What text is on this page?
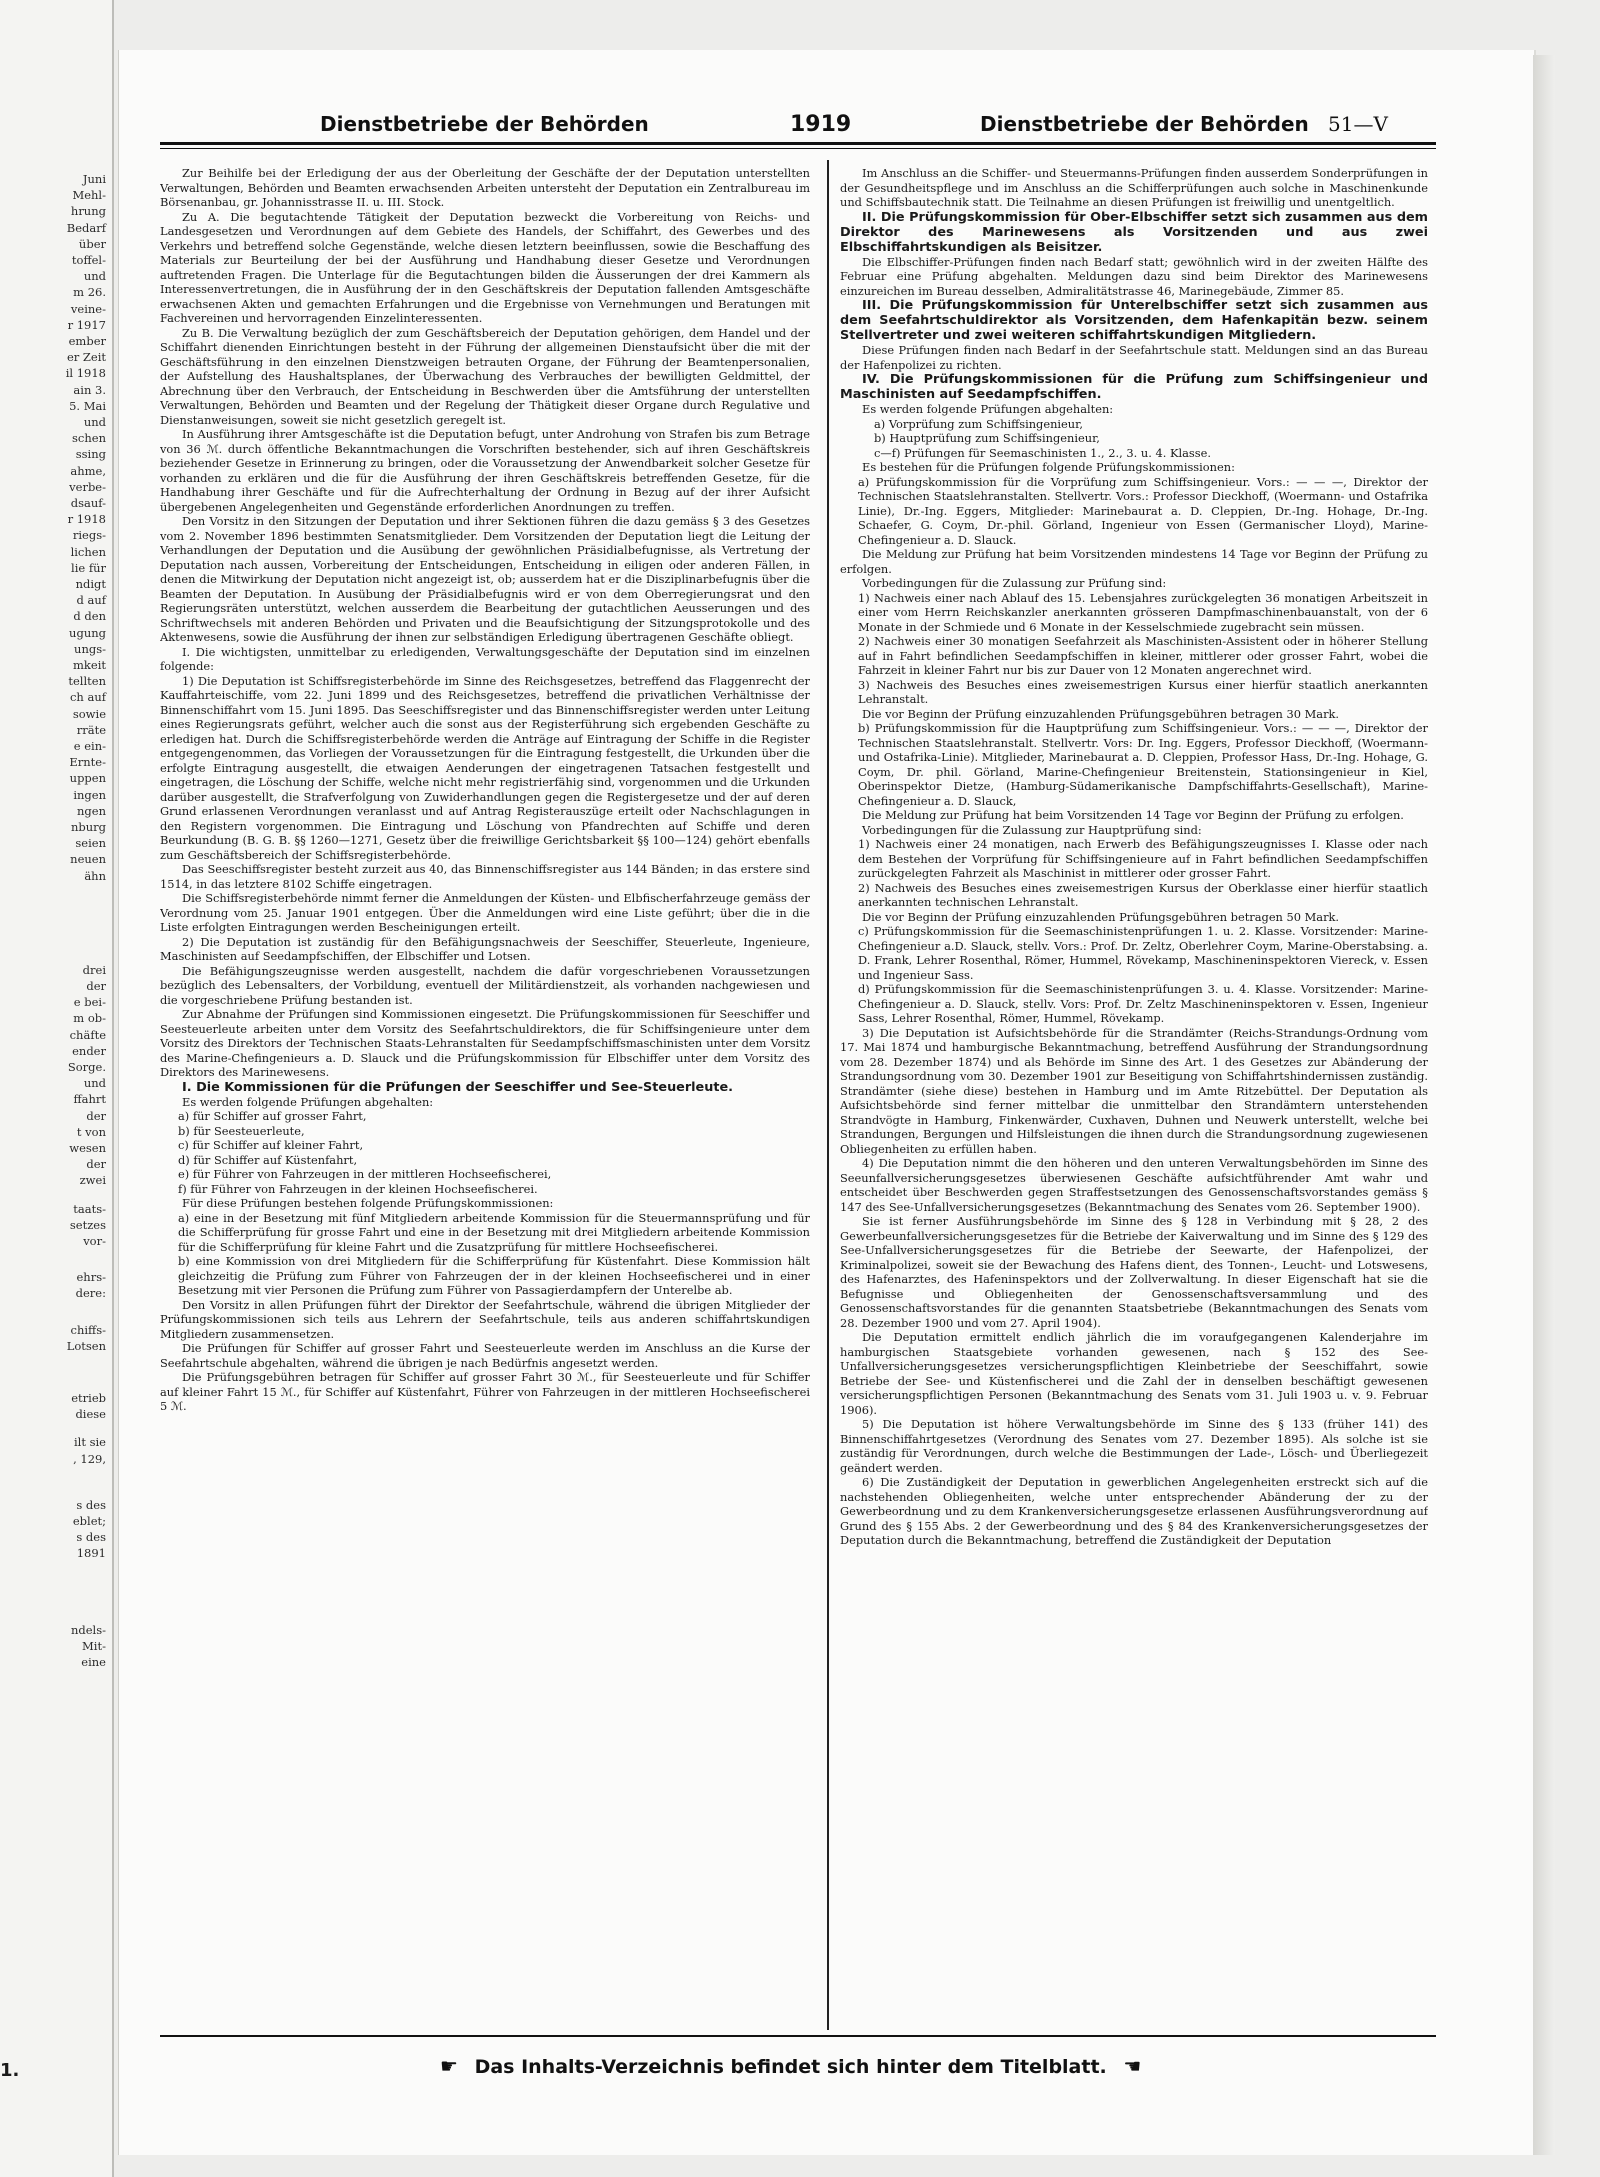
Juni
Mehl-
hrung
Bedarf
über
toffel-
und
m 26.
veine-
r 1917
ember
er Zeit
il 1918
ain 3.
5. Mai
und
schen
ssing
ahme,
verbe-
dsauf-
r 1918
riegs-
lichen
lie für
ndigt
d auf
d den
ugung
ungs-
mkeit
tellten
ch auf
sowie
rräte
e ein-
Ernte-
uppen
ingen
ngen
nburg
seien
neuen
ähn
drei
der
e bei-
m ob-
chäfte
ender
Sorge.
und
ffahrt
der
t von
wesen
der
zwei
taats-
setzes
vor-
ehrs-
dere:
chiffs-
Lotsen
etrieb
diese
ilt sie
, 129,
s des
eblet;
s des
1891
ndels-
Mit-
eine
Dienstbetriebe der Behörden	1919	Dienstbetriebe der Behörden 51—V

Zur Beihilfe bei der Erledigung der aus der Oberleitung der Geschäfte der der Deputation unterstellten Verwaltungen, Behörden und Beamten erwachsenden Arbeiten untersteht der Deputation ein Zentralbureau im Börsenanbau, gr. Johannisstrasse II. u. III. Stock.

Zu A. Die begutachtende Tätigkeit der Deputation bezweckt die Vorbereitung von Reichs- und Landesgesetzen und Verordnungen auf dem Gebiete des Handels, der Schiffahrt, des Gewerbes und des Verkehrs und betreffend solche Gegenstände, welche diesen letztern beeinflussen, sowie die Beschaffung des Materials zur Beurteilung der bei der Ausführung und Handhabung dieser Gesetze und Verordnungen auftretenden Fragen. Die Unterlage für die Begutachtungen bilden die Äusserungen der drei Kammern als Interessenvertretungen, die in Ausführung der in den Geschäftskreis der Deputation fallenden Amtsgeschäfte erwachsenen Akten und gemachten Erfahrungen und die Ergebnisse von Vernehmungen und Beratungen mit Fachvereinen und hervorragenden Einzelinteressenten.

Zu B. Die Verwaltung bezüglich der zum Geschäftsbereich der Deputation gehörigen, dem Handel und der Schiffahrt dienenden Einrichtungen besteht in der Führung der allgemeinen Dienstaufsicht über die mit der Geschäftsführung in den einzelnen Dienstzweigen betrauten Organe, der Führung der Beamtenpersonalien, der Aufstellung des Haushaltsplanes, der Überwachung des Verbrauches der bewilligten Geldmittel, der Abrechnung über den Verbrauch, der Entscheidung in Beschwerden über die Amtsführung der unterstellten Verwaltungen, Behörden und Beamten und der Regelung der Thätigkeit dieser Organe durch Regulative und Dienstanweisungen, soweit sie nicht gesetzlich geregelt ist.

In Ausführung ihrer Amtsgeschäfte ist die Deputation befugt, unter Androhung von Strafen bis zum Betrage von 36 ℳ. durch öffentliche Bekanntmachungen die Vorschriften bestehender, sich auf ihren Geschäftskreis beziehender Gesetze in Erinnerung zu bringen, oder die Voraussetzung der Anwendbarkeit solcher Gesetze für vorhanden zu erklären und die für die Ausführung der ihren Geschäftskreis betreffenden Gesetze, für die Handhabung ihrer Geschäfte und für die Aufrechterhaltung der Ordnung in Bezug auf der ihrer Aufsicht übergebenen Angelegenheiten und Gegenstände erforderlichen Anordnungen zu treffen.

Den Vorsitz in den Sitzungen der Deputation und ihrer Sektionen führen die dazu gemäss § 3 des Gesetzes vom 2. November 1896 bestimmten Senatsmitglieder. Dem Vorsitzenden der Deputation liegt die Leitung der Verhandlungen der Deputation und die Ausübung der gewöhnlichen Präsidialbefugnisse, als Vertretung der Deputation nach aussen, Vorbereitung der Entscheidungen, Entscheidung in eiligen oder anderen Fällen, in denen die Mitwirkung der Deputation nicht angezeigt ist, ob; ausserdem hat er die Disziplinarbefugnis über die Beamten der Deputation. In Ausübung der Präsidialbefugnis wird er von dem Oberregierungsrat und den Regierungsräten unterstützt, welchen ausserdem die Bearbeitung der gutachtlichen Aeusserungen und des Schriftwechsels mit anderen Behörden und Privaten und die Beaufsichtigung der Sitzungsprotokolle und des Aktenwesens, sowie die Ausführung der ihnen zur selbständigen Erledigung übertragenen Geschäfte obliegt.

I. Die wichtigsten, unmittelbar zu erledigenden, Verwaltungsgeschäfte der Deputation sind im einzelnen folgende:

1) Die Deputation ist Schiffsregisterbehörde im Sinne des Reichsgesetzes, betreffend das Flaggenrecht der Kauffahrteischiffe, vom 22. Juni 1899 und des Reichsgesetzes, betreffend die privatlichen Verhältnisse der Binnenschiffahrt vom 15. Juni 1895. Das Seeschiffsregister und das Binnenschiffsregister werden unter Leitung eines Regierungsrats geführt, welcher auch die sonst aus der Registerführung sich ergebenden Geschäfte zu erledigen hat. Durch die Schiffsregisterbehörde werden die Anträge auf Eintragung der Schiffe in die Register entgegengenommen, das Vorliegen der Voraussetzungen für die Eintragung festgestellt, die Urkunden über die erfolgte Eintragung ausgestellt, die etwaigen Aenderungen der eingetragenen Tatsachen festgestellt und eingetragen, die Löschung der Schiffe, welche nicht mehr registrierfähig sind, vorgenommen und die Urkunden darüber ausgestellt, die Strafverfolgung von Zuwiderhandlungen gegen die Registergesetze und der auf deren Grund erlassenen Verordnungen veranlasst und auf Antrag Registerauszüge erteilt oder Nachschlagungen in den Registern vorgenommen. Die Eintragung und Löschung von Pfandrechten auf Schiffe und deren Beurkundung (B. G. B. §§ 1260—1271, Gesetz über die freiwillige Gerichtsbarkeit §§ 100—124) gehört ebenfalls zum Geschäftsbereich der Schiffsregisterbehörde.

Das Seeschiffsregister besteht zurzeit aus 40, das Binnenschiffsregister aus 144 Bänden; in das erstere sind 1514, in das letztere 8102 Schiffe eingetragen.

Die Schiffsregisterbehörde nimmt ferner die Anmeldungen der Küsten- und Elbfischerfahrzeuge gemäss der Verordnung vom 25. Januar 1901 entgegen. Über die Anmeldungen wird eine Liste geführt; über die in die Liste erfolgten Eintragungen werden Bescheinigungen erteilt.

2) Die Deputation ist zuständig für den Befähigungsnachweis der Seeschiffer, Steuerleute, Ingenieure, Maschinisten auf Seedampfschiffen, der Elbschiffer und Lotsen.

Die Befähigungszeugnisse werden ausgestellt, nachdem die dafür vorgeschriebenen Voraussetzungen bezüglich des Lebensalters, der Vorbildung, eventuell der Militärdienstzeit, als vorhanden nachgewiesen und die vorgeschriebene Prüfung bestanden ist.

Zur Abnahme der Prüfungen sind Kommissionen eingesetzt. Die Prüfungskommissionen für Seeschiffer und Seesteuerleute arbeiten unter dem Vorsitz des Seefahrtschuldirektors, die für Schiffsingenieure unter dem Vorsitz des Direktors der Technischen Staats-Lehranstalten für Seedampfschiffsmaschinisten unter dem Vorsitz des Marine-Chefingenieurs a. D. Slauck und die Prüfungskommission für Elbschiffer unter dem Vorsitz des Direktors des Marinewesens.

I. Die Kommissionen für die Prüfungen der Seeschiffer und See-Steuerleute.

Es werden folgende Prüfungen abgehalten:

a) für Schiffer auf grosser Fahrt,

b) für Seesteuerleute,

c) für Schiffer auf kleiner Fahrt,

d) für Schiffer auf Küstenfahrt,

e) für Führer von Fahrzeugen in der mittleren Hochseefischerei,

f) für Führer von Fahrzeugen in der kleinen Hochseefischerei.

Für diese Prüfungen bestehen folgende Prüfungskommissionen:

a) eine in der Besetzung mit fünf Mitgliedern arbeitende Kommission für die Steuermannsprüfung und für die Schifferprüfung für grosse Fahrt und eine in der Besetzung mit drei Mitgliedern arbeitende Kommission für die Schifferprüfung für kleine Fahrt und die Zusatzprüfung für mittlere Hochseefischerei.

b) eine Kommission von drei Mitgliedern für die Schifferprüfung für Küstenfahrt. Diese Kommission hält gleichzeitig die Prüfung zum Führer von Fahrzeugen der in der kleinen Hochseefischerei und in einer Besetzung mit vier Personen die Prüfung zum Führer von Passagierdampfern der Unterelbe ab.

Den Vorsitz in allen Prüfungen führt der Direktor der Seefahrtschule, während die übrigen Mitglieder der Prüfungskommissionen sich teils aus Lehrern der Seefahrtschule, teils aus anderen schiffahrtskundigen Mitgliedern zusammensetzen.

Die Prüfungen für Schiffer auf grosser Fahrt und Seesteuerleute werden im Anschluss an die Kurse der Seefahrtschule abgehalten, während die übrigen je nach Bedürfnis angesetzt werden.

Die Prüfungsgebühren betragen für Schiffer auf grosser Fahrt 30 ℳ., für Seesteuerleute und für Schiffer auf kleiner Fahrt 15 ℳ., für Schiffer auf Küstenfahrt, Führer von Fahrzeugen in der mittleren Hochseefischerei 5 ℳ.

Im Anschluss an die Schiffer- und Steuermanns-Prüfungen finden ausserdem Sonderprüfungen in der Gesundheitspflege und im Anschluss an die Schifferprüfungen auch solche in Maschinenkunde und Schiffsbautechnik statt. Die Teilnahme an diesen Prüfungen ist freiwillig und unentgeltlich.

II. Die Prüfungskommission für Ober-Elbschiffer setzt sich zusammen aus dem Direktor des Marinewesens als Vorsitzenden und aus zwei Elbschiffahrtskundigen als Beisitzer.

Die Elbschiffer-Prüfungen finden nach Bedarf statt; gewöhnlich wird in der zweiten Hälfte des Februar eine Prüfung abgehalten. Meldungen dazu sind beim Direktor des Marinewesens einzureichen im Bureau desselben, Admiralitätstrasse 46, Marinegebäude, Zimmer 85.

III. Die Prüfungskommission für Unterelbschiffer setzt sich zusammen aus dem Seefahrtschuldirektor als Vorsitzenden, dem Hafenkapitän bezw. seinem Stellvertreter und zwei weiteren schiffahrtskundigen Mitgliedern.

Diese Prüfungen finden nach Bedarf in der Seefahrtschule statt. Meldungen sind an das Bureau der Hafenpolizei zu richten.

IV. Die Prüfungskommissionen für die Prüfung zum Schiffsingenieur und Maschinisten auf Seedampfschiffen.

Es werden folgende Prüfungen abgehalten:

a) Vorprüfung zum Schiffsingenieur,

b) Hauptprüfung zum Schiffsingenieur,

c—f) Prüfungen für Seemaschinisten 1., 2., 3. u. 4. Klasse.

Es bestehen für die Prüfungen folgende Prüfungskommissionen:

a) Prüfungskommission für die Vorprüfung zum Schiffsingenieur. Vors.: — — —, Direktor der Technischen Staatslehranstalten. Stellvertr. Vors.: Professor Dieckhoff, (Woermann- und Ostafrika Linie), Dr.-Ing. Eggers, Mitglieder: Marinebaurat a. D. Cleppien, Dr.-Ing. Hohage, Dr.-Ing. Schaefer, G. Coym, Dr.-phil. Görland, Ingenieur von Essen (Germanischer Lloyd), Marine-Chefingenieur a. D. Slauck.

Die Meldung zur Prüfung hat beim Vorsitzenden mindestens 14 Tage vor Beginn der Prüfung zu erfolgen.

Vorbedingungen für die Zulassung zur Prüfung sind:

1) Nachweis einer nach Ablauf des 15. Lebensjahres zurückgelegten 36 monatigen Arbeitszeit in einer vom Herrn Reichskanzler anerkannten grösseren Dampfmaschinenbauanstalt, von der 6 Monate in der Schmiede und 6 Monate in der Kesselschmiede zugebracht sein müssen.

2) Nachweis einer 30 monatigen Seefahrzeit als Maschinisten-Assistent oder in höherer Stellung auf in Fahrt befindlichen Seedampfschiffen in kleiner, mittlerer oder grosser Fahrt, wobei die Fahrzeit in kleiner Fahrt nur bis zur Dauer von 12 Monaten angerechnet wird.

3) Nachweis des Besuches eines zweisemestrigen Kursus einer hierfür staatlich anerkannten Lehranstalt.

Die vor Beginn der Prüfung einzuzahlenden Prüfungsgebühren betragen 30 Mark.

b) Prüfungskommission für die Hauptprüfung zum Schiffsingenieur. Vors.: — — —, Direktor der Technischen Staatslehranstalt. Stellvertr. Vors: Dr. Ing. Eggers, Professor Dieckhoff, (Woermann- und Ostafrika-Linie). Mitglieder, Marinebaurat a. D. Cleppien, Professor Hass, Dr.-Ing. Hohage, G. Coym, Dr. phil. Görland, Marine-Chefingenieur Breitenstein, Stationsingenieur in Kiel, Oberinspektor Dietze, (Hamburg-Südamerikanische Dampfschiffahrts-Gesellschaft), Marine-Chefingenieur a. D. Slauck,

Die Meldung zur Prüfung hat beim Vorsitzenden 14 Tage vor Beginn der Prüfung zu erfolgen.

Vorbedingungen für die Zulassung zur Hauptprüfung sind:

1) Nachweis einer 24 monatigen, nach Erwerb des Befähigungszeugnisses I. Klasse oder nach dem Bestehen der Vorprüfung für Schiffsingenieure auf in Fahrt befindlichen Seedampfschiffen zurückgelegten Fahrzeit als Maschinist in mittlerer oder grosser Fahrt.

2) Nachweis des Besuches eines zweisemestrigen Kursus der Oberklasse einer hierfür staatlich anerkannten technischen Lehranstalt.

Die vor Beginn der Prüfung einzuzahlenden Prüfungsgebühren betragen 50 Mark.

c) Prüfungskommission für die Seemaschinistenprüfungen 1. u. 2. Klasse. Vorsitzender: Marine-Chefingenieur a.D. Slauck, stellv. Vors.: Prof. Dr. Zeltz, Oberlehrer Coym, Marine-Oberstabsing. a. D. Frank, Lehrer Rosenthal, Römer, Hummel, Rövekamp, Maschineninspektoren Viereck, v. Essen und Ingenieur Sass.

d) Prüfungskommission für die Seemaschinistenprüfungen 3. u. 4. Klasse. Vorsitzender: Marine-Chefingenieur a. D. Slauck, stellv. Vors: Prof. Dr. Zeltz Maschineninspektoren v. Essen, Ingenieur Sass, Lehrer Rosenthal, Römer, Hummel, Rövekamp.

3) Die Deputation ist Aufsichtsbehörde für die Strandämter (Reichs-Strandungs-Ordnung vom 17. Mai 1874 und hamburgische Bekanntmachung, betreffend Ausführung der Strandungsordnung vom 28. Dezember 1874) und als Behörde im Sinne des Art. 1 des Gesetzes zur Abänderung der Strandungsordnung vom 30. Dezember 1901 zur Beseitigung von Schiffahrtshindernissen zuständig. Strandämter (siehe diese) bestehen in Hamburg und im Amte Ritzebüttel. Der Deputation als Aufsichtsbehörde sind ferner mittelbar die unmittelbar den Strandämtern unterstehenden Strandvögte in Hamburg, Finkenwärder, Cuxhaven, Duhnen und Neuwerk unterstellt, welche bei Strandungen, Bergungen und Hilfsleistungen die ihnen durch die Strandungsordnung zugewiesenen Obliegenheiten zu erfüllen haben.

4) Die Deputation nimmt die den höheren und den unteren Verwaltungsbehörden im Sinne des Seeunfallversicherungsgesetzes überwiesenen Geschäfte aufsichtführender Amt wahr und entscheidet über Beschwerden gegen Straffestsetzungen des Genossenschaftsvorstandes gemäss § 147 des See-Unfallversicherungsgesetzes (Bekanntmachung des Senates vom 26. September 1900).

Sie ist ferner Ausführungsbehörde im Sinne des § 128 in Verbindung mit § 28, 2 des Gewerbeunfallversicherungsgesetzes für die Betriebe der Kaiverwaltung und im Sinne des § 129 des See-Unfallversicherungsgesetzes für die Betriebe der Seewarte, der Hafenpolizei, der Kriminalpolizei, soweit sie der Bewachung des Hafens dient, des Tonnen-, Leucht- und Lotswesens, des Hafenarztes, des Hafeninspektors und der Zollverwaltung. In dieser Eigenschaft hat sie die Befugnisse und Obliegenheiten der Genossenschaftsversammlung und des Genossenschaftsvorstandes für die genannten Staatsbetriebe (Bekanntmachungen des Senats vom 28. Dezember 1900 und vom 27. April 1904).

Die Deputation ermittelt endlich jährlich die im voraufgegangenen Kalenderjahre im hamburgischen Staatsgebiete vorhanden gewesenen, nach § 152 des See-Unfallversicherungsgesetzes versicherungspflichtigen Kleinbetriebe der Seeschiffahrt, sowie Betriebe der See- und Küstenfischerei und die Zahl der in denselben beschäftigt gewesenen versicherungspflichtigen Personen (Bekanntmachung des Senats vom 31. Juli 1903 u. v. 9. Februar 1906).

5) Die Deputation ist höhere Verwaltungsbehörde im Sinne des § 133 (früher 141) des Binnenschiffahrtgesetzes (Verordnung des Senates vom 27. Dezember 1895). Als solche ist sie zuständig für Verordnungen, durch welche die Bestimmungen der Lade-, Lösch- und Überliegezeit geändert werden.

6) Die Zuständigkeit der Deputation in gewerblichen Angelegenheiten erstreckt sich auf die nachstehenden Obliegenheiten, welche unter entsprechender Abänderung der zu der Gewerbeordnung und zu dem Krankenversicherungsgesetze erlassenen Ausführungsverordnung auf Grund des § 155 Abs. 2 der Gewerbeordnung und des § 84 des Krankenversicherungsgesetzes der Deputation durch die Bekanntmachung, betreffend die Zuständigkeit der Deputation

☛ Das Inhalts-Verzeichnis befindet sich hinter dem Titelblatt. ☚
1.
